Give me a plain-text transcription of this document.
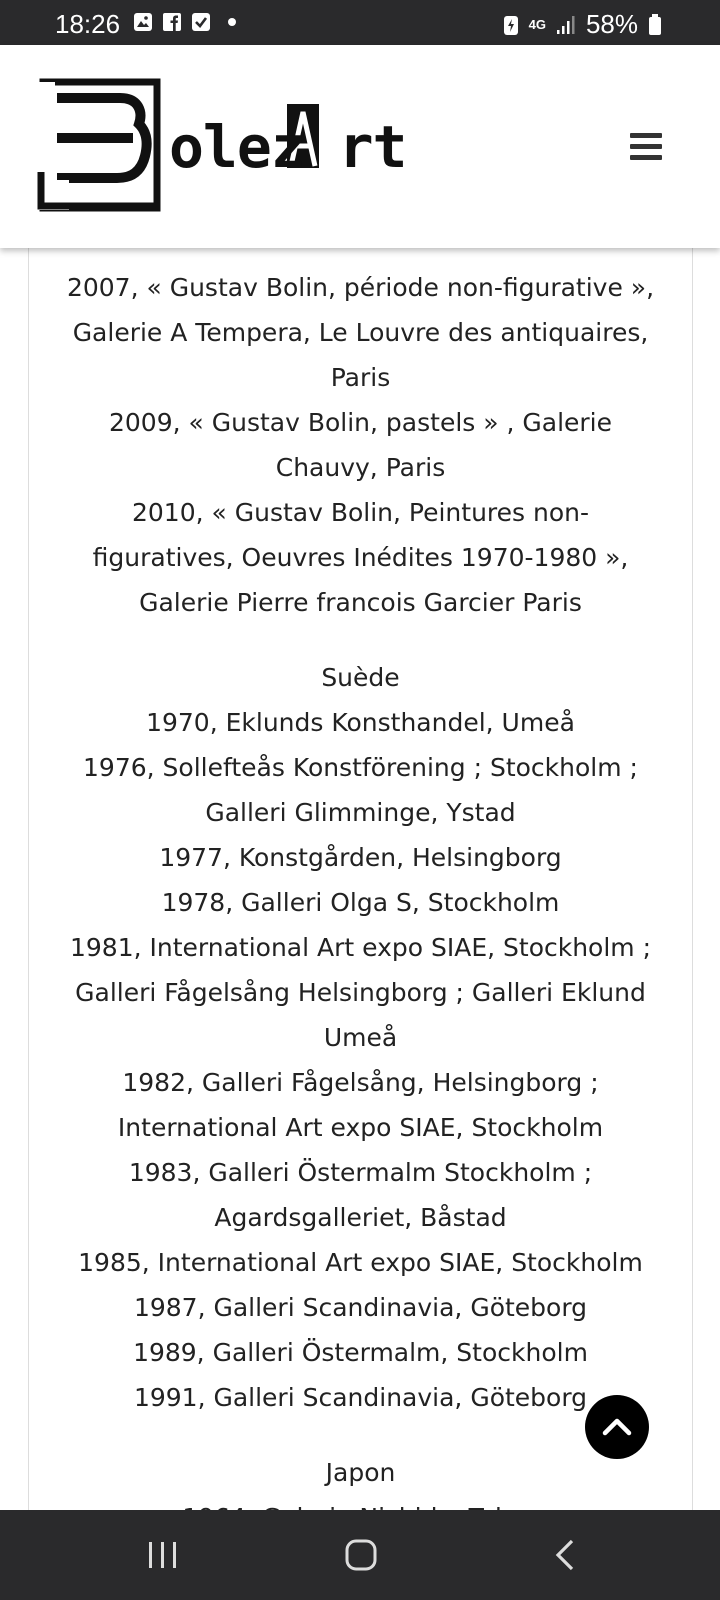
18:26	4G 58%
olez rt

2007, « Gustav Bolin, période non-figurative », Galerie A Tempera, Le Louvre des antiquaires, Paris

2009, « Gustav Bolin, pastels » , Galerie Chauvy, Paris

2010, « Gustav Bolin, Peintures non-figuratives, Oeuvres Inédites 1970-1980 », Galerie Pierre francois Garcier Paris

Suède

1970, Eklunds Konsthandel, Umeå

1976, Sollefteås Konstförening ; Stockholm ; Galleri Glimminge, Ystad

1977, Konstgården, Helsingborg

1978, Galleri Olga S, Stockholm

1981, International Art expo SIAE, Stockholm ; Galleri Fågelsång Helsingborg ; Galleri Eklund Umeå

1982, Galleri Fågelsång, Helsingborg ; International Art expo SIAE, Stockholm

1983, Galleri Östermalm Stockholm ; Agardsgalleriet, Båstad

1985, International Art expo SIAE, Stockholm

1987, Galleri Scandinavia, Göteborg

1989, Galleri Östermalm, Stockholm

1991, Galleri Scandinavia, Göteborg

Japon
